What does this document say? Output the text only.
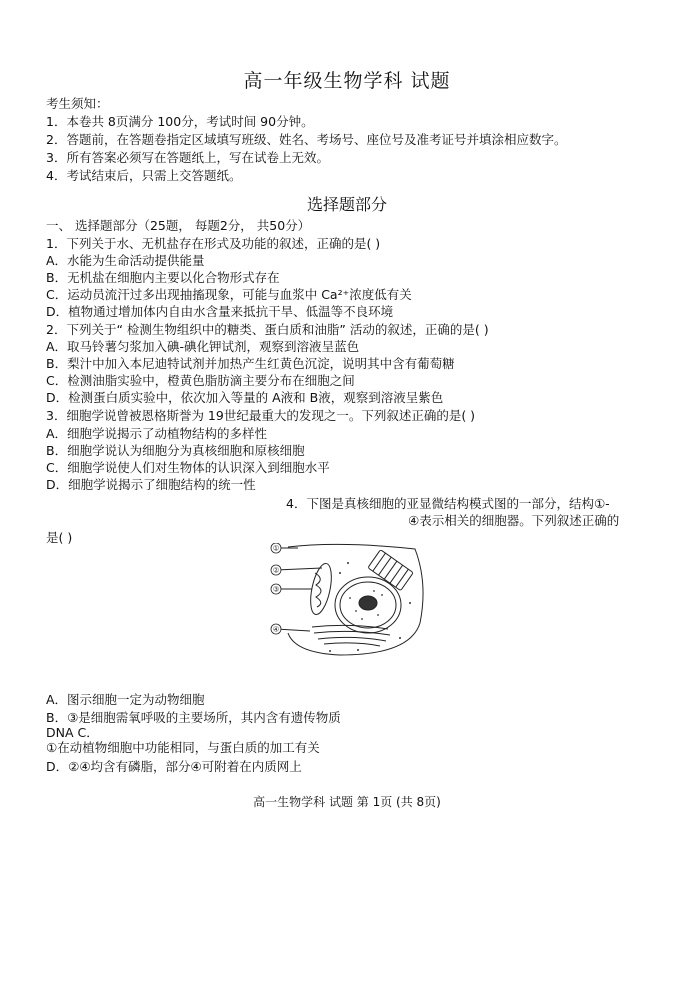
高一年级生物学科 试题
考生须知：
1．本卷共 8页满分 100分，考试时间 90分钟。
2．答题前，在答题卷指定区域填写班级、姓名、考场号、座位号及准考证号并填涂相应数字。
3．所有答案必须写在答题纸上，写在试卷上无效。
4．考试结束后，只需上交答题纸。
选择题部分
一、 选择题部分（25题， 每题2分， 共50分）
1．下列关于水、无机盐存在形式及功能的叙述，正确的是( )
A．水能为生命活动提供能量
B．无机盐在细胞内主要以化合物形式存在
C．运动员流汗过多出现抽搐现象，可能与血浆中 Ca²⁺浓度低有关
D．植物通过增加体内自由水含量来抵抗干旱、低温等不良环境
2．下列关于“ 检测生物组织中的糖类、蛋白质和油脂” 活动的叙述，正确的是( )
A．取马铃薯匀浆加入碘-碘化钾试剂，观察到溶液呈蓝色
B．梨汁中加入本尼迪特试剂并加热产生红黄色沉淀，说明其中含有葡萄糖
C．检测油脂实验中，橙黄色脂肪滴主要分布在细胞之间
D．检测蛋白质实验中，依次加入等量的 A液和 B液，观察到溶液呈紫色
3．细胞学说曾被恩格斯誉为 19世纪最重大的发现之一。下列叙述正确的是( )
A．细胞学说揭示了动植物结构的多样性
B．细胞学说认为细胞分为真核细胞和原核细胞
C．细胞学说使人们对生物体的认识深入到细胞水平
D．细胞学说揭示了细胞结构的统一性
4．下图是真核细胞的亚显微结构模式图的一部分，结构①-
④表示相关的细胞器。下列叙述正确的
是( )
①
②
③
④
A．图示细胞一定为动物细胞
B．③是细胞需氧呼吸的主要场所，其内含有遗传物质
DNA C．
①在动植物细胞中功能相同，与蛋白质的加工有关
D．②④均含有磷脂，部分④可附着在内质网上
高一生物学科 试题 第 1页 (共 8页)
